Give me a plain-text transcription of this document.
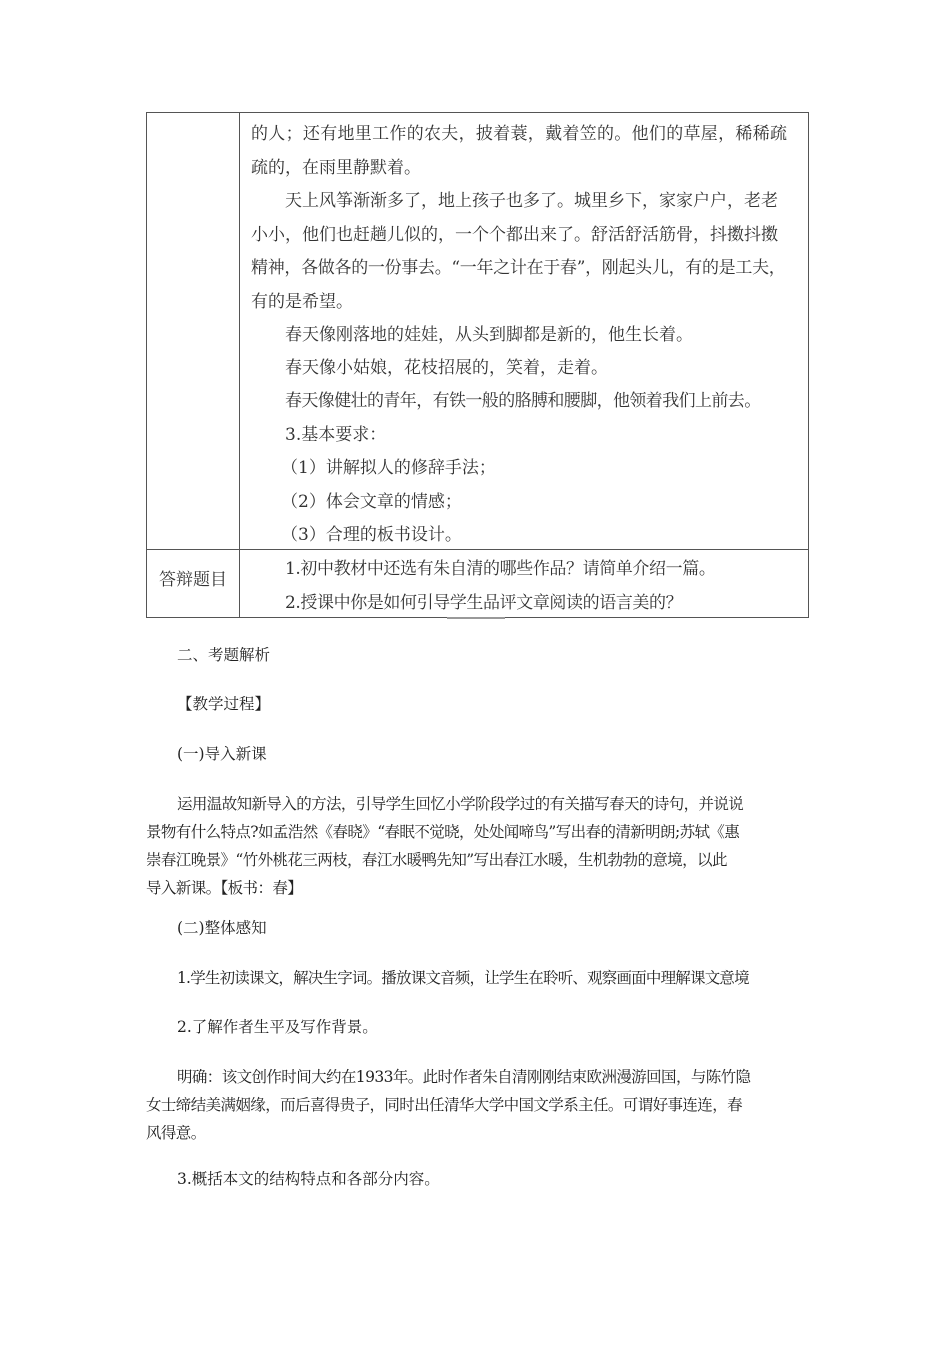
的人；还有地里工作的农夫，披着蓑，戴着笠的。他们的草屋，稀稀疏
疏的，在雨里静默着。
天上风筝渐渐多了，地上孩子也多了。城里乡下，家家户户，老老
小小，他们也赶趟儿似的，一个个都出来了。舒活舒活筋骨，抖擞抖擞
精神，各做各的一份事去。“一年之计在于春”，刚起头儿，有的是工夫，
有的是希望。
春天像刚落地的娃娃，从头到脚都是新的，他生长着。
春天像小姑娘，花枝招展的，笑着，走着。
春天像健壮的青年，有铁一般的胳膊和腰脚，他领着我们上前去。
3.基本要求：
（1）讲解拟人的修辞手法；
（2）体会文章的情感；
（3）合理的板书设计。
答辩题目
1.初中教材中还选有朱自清的哪些作品？请简单介绍一篇。
2.授课中你是如何引导学生品评文章阅读的语言美的？
二、考题解析
【教学过程】
(一)导入新课
运用温故知新导入的方法，引导学生回忆小学阶段学过的有关描写春天的诗句，并说说
景物有什么特点?如孟浩然《春晓》“春眠不觉晓，处处闻啼鸟”写出春的清新明朗;苏轼《惠
崇春江晚景》“竹外桃花三两枝，春江水暖鸭先知”写出春江水暖，生机勃勃的意境，以此
导入新课。【板书：春】
(二)整体感知
1.学生初读课文，解决生字词。播放课文音频，让学生在聆听、观察画面中理解课文意境
2.了解作者生平及写作背景。
明确：该文创作时间大约在1933年。此时作者朱自清刚刚结束欧洲漫游回国，与陈竹隐
女士缔结美满姻缘，而后喜得贵子，同时出任清华大学中国文学系主任。可谓好事连连，春
风得意。
3.概括本文的结构特点和各部分内容。
